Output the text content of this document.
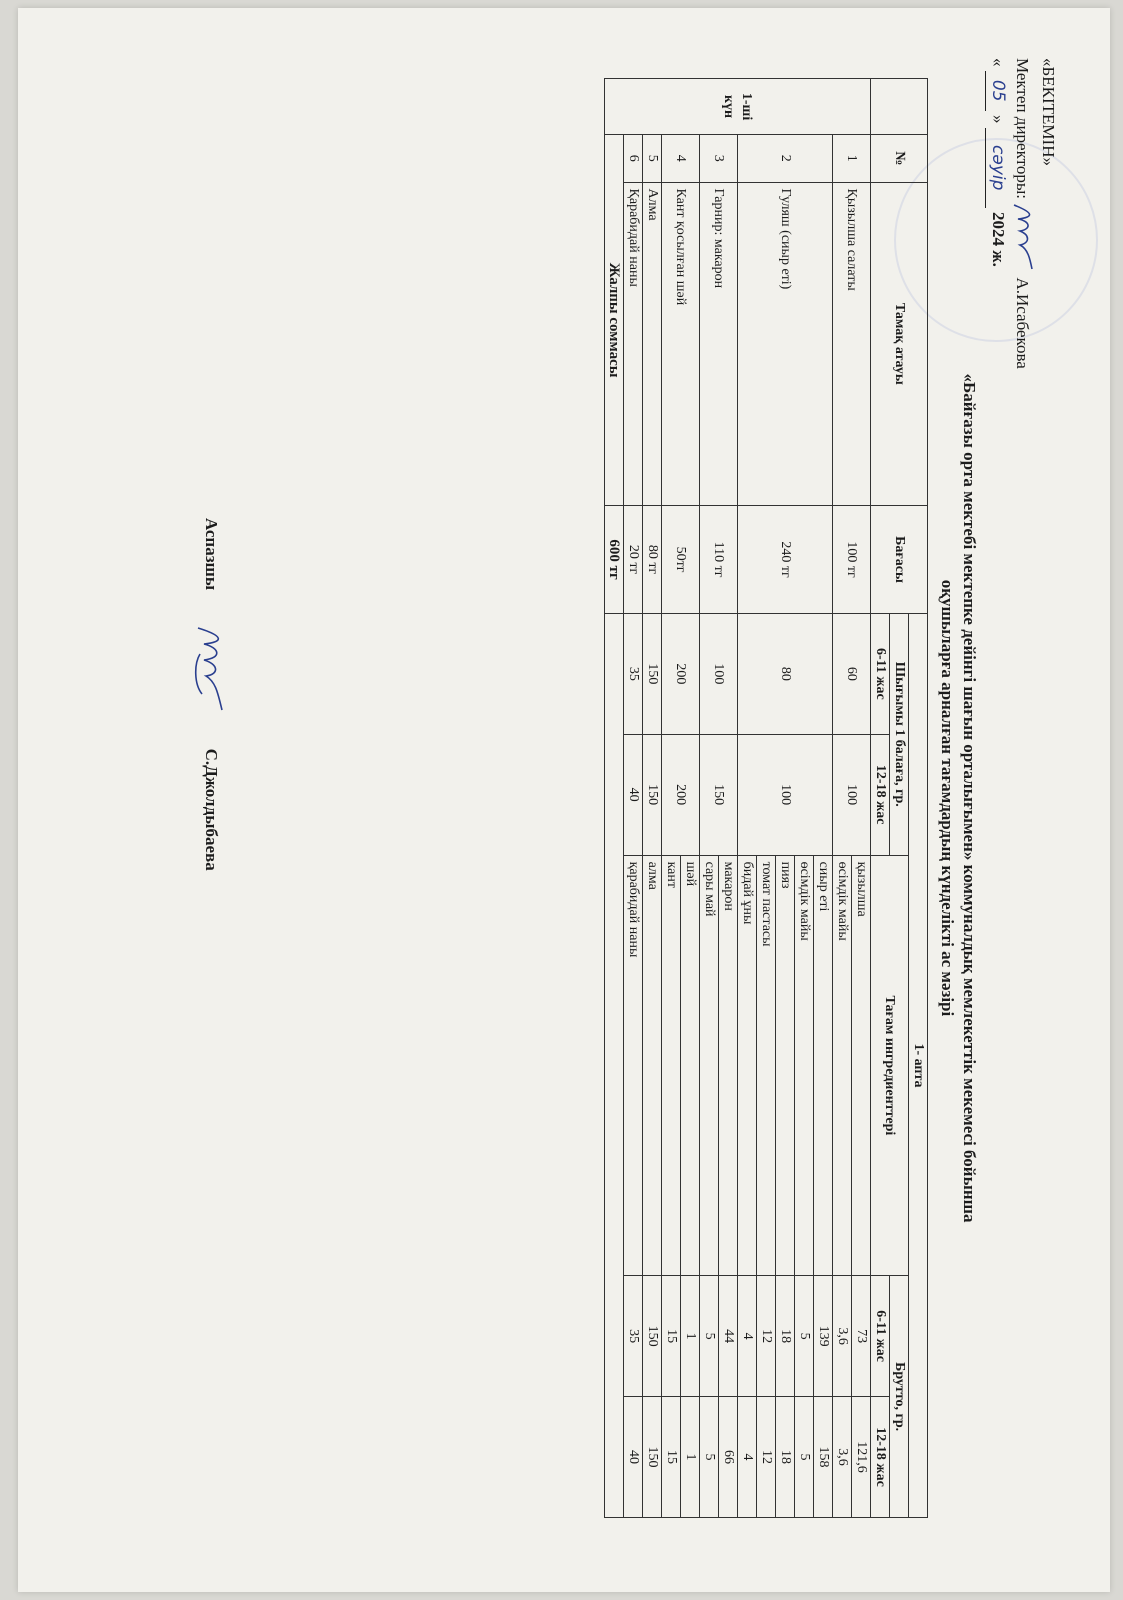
«БЕКІТЕМІН»
Мектеп директоры:  А.Исабекова
« 05 » сәуір 2024 ж.
«Байғазы орта мектебі мектепке дейінгі шағын орталығымен» коммуналдық мемлекеттік мекемесі бойынша
оқушыларға арналған тағамдардың күнделікті ас мәзірі
	№	Тамақ атауы	Бағасы	1- апта				
				Шығымы 1 балаға, гр.		Тағам ингредиенттері	Брутто, гр.	
				6-11 жас	12-18 жас		6-11 жас	12-18 жас
1-ші күн	1	Қызылша салаты	100 тг	60	100	қызылша	73	121,6
						өсімдік майы	3,6	3,6
	2	Гуляш (сиыр еті)	240 тг	80	100	сиыр еті	139	158
						өсімдік майы	5	5
						пияз	18	18
						томат пастасы	12	12
						бидай ұны	4	4
	3	Гарнир: макарон	110 тг	100	150	макарон	44	66
						сары май	5	5
	4	Кант қосылған шәй	50тг	200	200	шәй	1	1
						кант	15	15
	5	Алма	80 тг	150	150	алма	150	150
	6	Қарабидай наны	20 тг	35	40	қарабидай наны	35	40
	Жалпы соммасы		600 тг					
Аспазшы  С.Джолдыбаева
